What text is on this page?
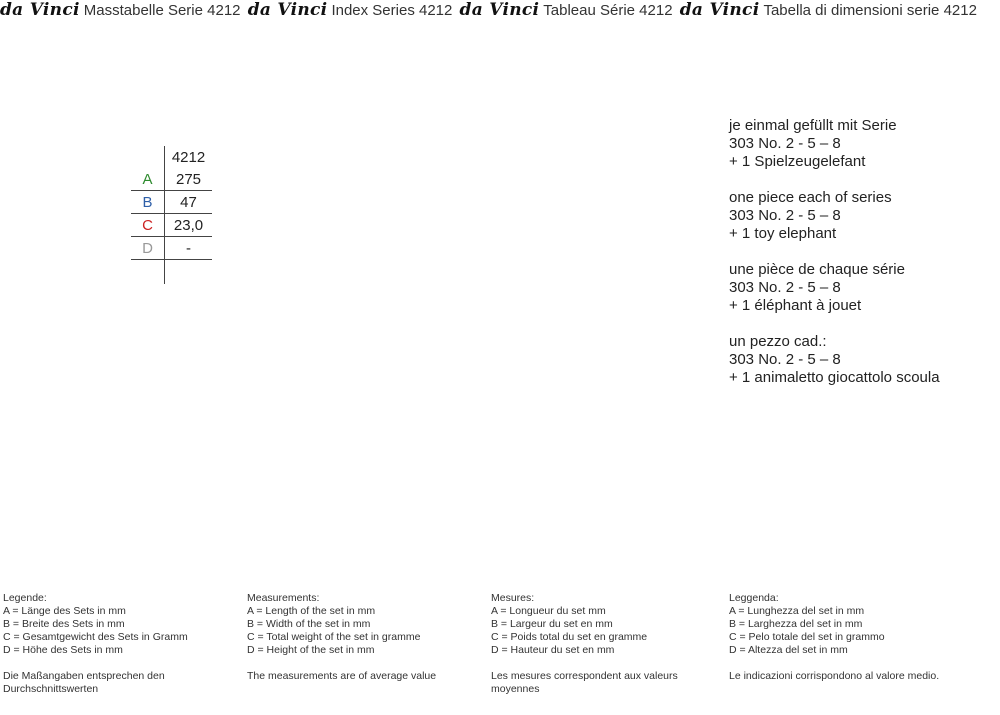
da Vinci Masstabelle Serie 4212 da Vinci Index Series 4212 da Vinci Tableau Série 4212 da Vinci Tabella di dimensioni serie 4212
	4212
A	275
B	47
C	23,0
D	-

je einmal gefüllt mit Serie
303 No. 2 - 5 – 8
+ 1 Spielzeugelefant
one piece each of series
303 No. 2 - 5 – 8
+ 1 toy elephant
une pièce de chaque série
303 No. 2 - 5 – 8
+ 1 éléphant à jouet
un pezzo cad.:
303 No. 2 - 5 – 8
+ 1 animaletto giocattolo scoula
Legende:
A = Länge des Sets in mm
B = Breite des Sets in mm
C = Gesamtgewicht des Sets in Gramm
D = Höhe des Sets in mm
Die Maßangaben entsprechen den
Durchschnittswerten
Measurements:
A = Length of the set in mm
B = Width of the set in mm
C = Total weight of the set in gramme
D = Height of the set in mm
The measurements are of average value
Mesures:
A = Longueur du set mm
B = Largeur du set en mm
C = Poids total du set en gramme
D = Hauteur du set en mm
Les mesures correspondent aux valeurs
moyennes
Leggenda:
A = Lunghezza del set in mm
B = Larghezza del set in mm
C = Pelo totale del set in grammo
D = Altezza del set in mm
Le indicazioni corrispondono al valore medio.
